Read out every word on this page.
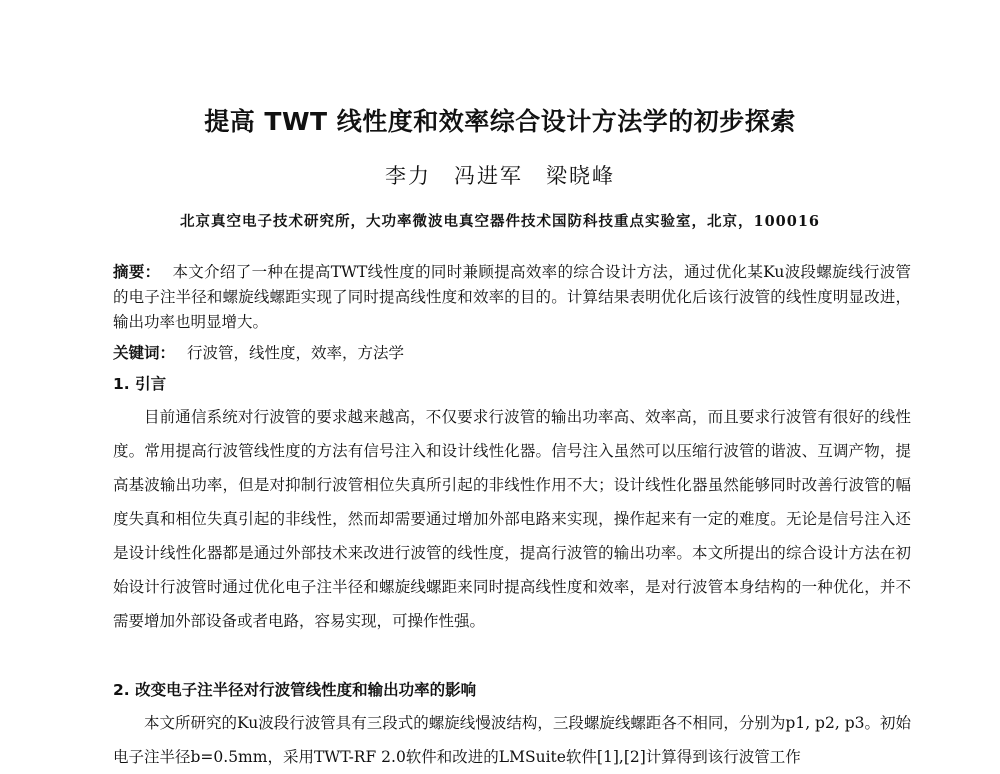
提高 TWT 线性度和效率综合设计方法学的初步探索
李力　冯进军　梁晓峰
北京真空电子技术研究所，大功率微波电真空器件技术国防科技重点实验室，北京，100016
摘要： 本文介绍了一种在提高TWT线性度的同时兼顾提高效率的综合设计方法，通过优化某Ku波段螺旋线行波管的电子注半径和螺旋线螺距实现了同时提高线性度和效率的目的。计算结果表明优化后该行波管的线性度明显改进，输出功率也明显增大。
关键词： 行波管，线性度，效率，方法学
1. 引言
目前通信系统对行波管的要求越来越高，不仅要求行波管的输出功率高、效率高，而且要求行波管有很好的线性度。常用提高行波管线性度的方法有信号注入和设计线性化器。信号注入虽然可以压缩行波管的谐波、互调产物，提高基波输出功率，但是对抑制行波管相位失真所引起的非线性作用不大；设计线性化器虽然能够同时改善行波管的幅度失真和相位失真引起的非线性，然而却需要通过增加外部电路来实现，操作起来有一定的难度。无论是信号注入还是设计线性化器都是通过外部技术来改进行波管的线性度，提高行波管的输出功率。本文所提出的综合设计方法在初始设计行波管时通过优化电子注半径和螺旋线螺距来同时提高线性度和效率，是对行波管本身结构的一种优化，并不需要增加外部设备或者电路，容易实现，可操作性强。
2. 改变电子注半径对行波管线性度和输出功率的影响
本文所研究的Ku波段行波管具有三段式的螺旋线慢波结构，三段螺旋线螺距各不相同，分别为p1, p2, p3。初始电子注半径b=0.5mm，采用TWT-RF 2.0软件和改进的LMSuite软件[1],[2]计算得到该行波管工作
